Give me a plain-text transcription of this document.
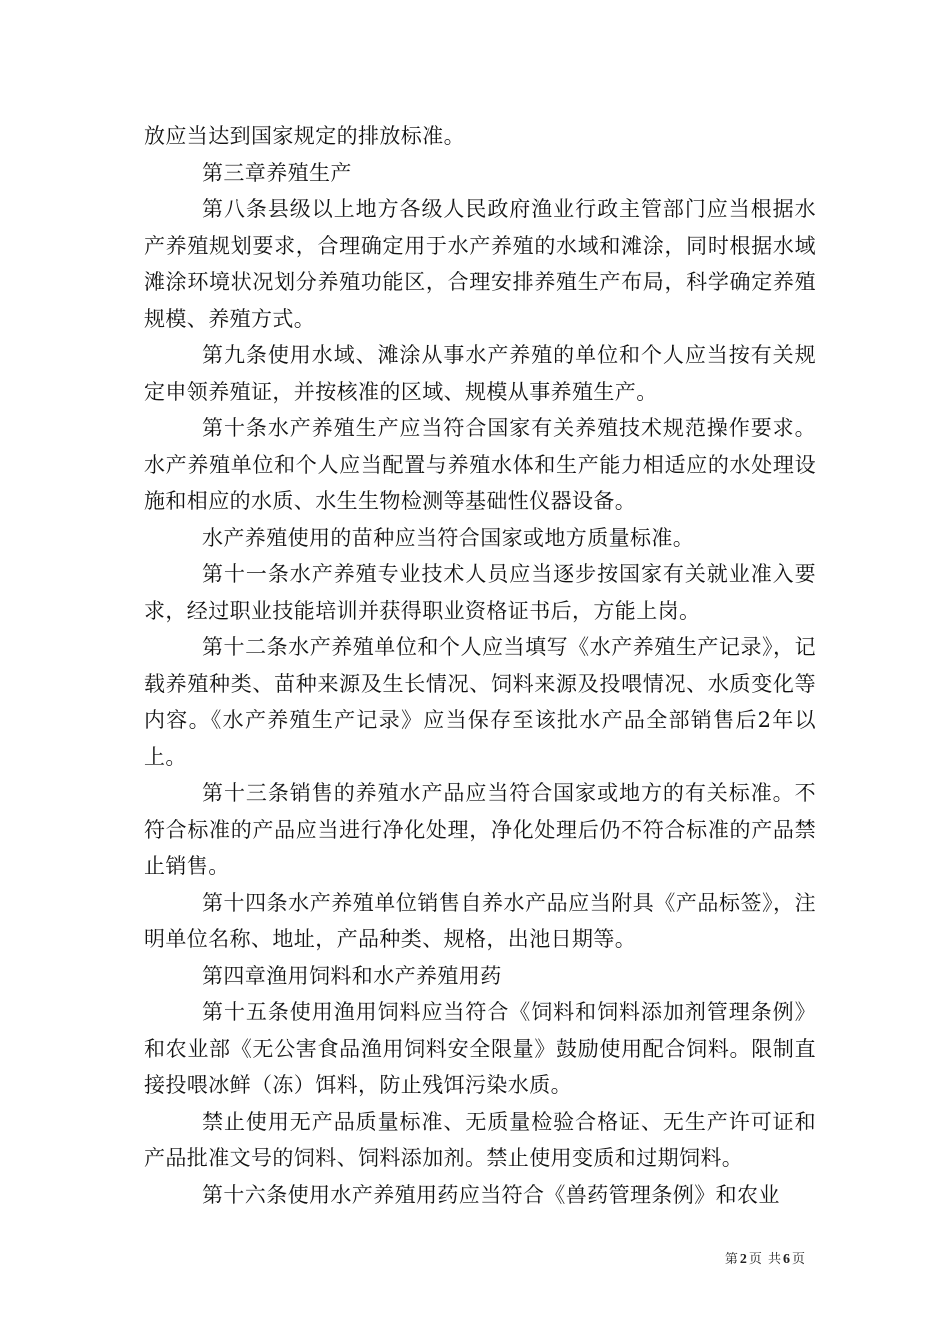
放应当达到国家规定的排放标准。

第三章养殖生产

第八条县级以上地方各级人民政府渔业行政主管部门应当根据水产养殖规划要求，合理确定用于水产养殖的水域和滩涂，同时根据水域滩涂环境状况划分养殖功能区，合理安排养殖生产布局，科学确定养殖规模、养殖方式。

第九条使用水域、滩涂从事水产养殖的单位和个人应当按有关规定申领养殖证，并按核准的区域、规模从事养殖生产。

第十条水产养殖生产应当符合国家有关养殖技术规范操作要求。水产养殖单位和个人应当配置与养殖水体和生产能力相适应的水处理设施和相应的水质、水生生物检测等基础性仪器设备。

水产养殖使用的苗种应当符合国家或地方质量标准。

第十一条水产养殖专业技术人员应当逐步按国家有关就业准入要求，经过职业技能培训并获得职业资格证书后，方能上岗。

第十二条水产养殖单位和个人应当填写《水产养殖生产记录》，记载养殖种类、苗种来源及生长情况、饲料来源及投喂情况、水质变化等内容。《水产养殖生产记录》应当保存至该批水产品全部销售后2年以上。

第十三条销售的养殖水产品应当符合国家或地方的有关标准。不符合标准的产品应当进行净化处理，净化处理后仍不符合标准的产品禁止销售。

第十四条水产养殖单位销售自养水产品应当附具《产品标签》，注明单位名称、地址，产品种类、规格，出池日期等。

第四章渔用饲料和水产养殖用药

第十五条使用渔用饲料应当符合《饲料和饲料添加剂管理条例》和农业部《无公害食品渔用饲料安全限量》鼓励使用配合饲料。限制直接投喂冰鲜（冻）饵料，防止残饵污染水质。

禁止使用无产品质量标准、无质量检验合格证、无生产许可证和产品批准文号的饲料、饲料添加剂。禁止使用变质和过期饲料。

第十六条使用水产养殖用药应当符合《兽药管理条例》和农业

第2页 共6页
